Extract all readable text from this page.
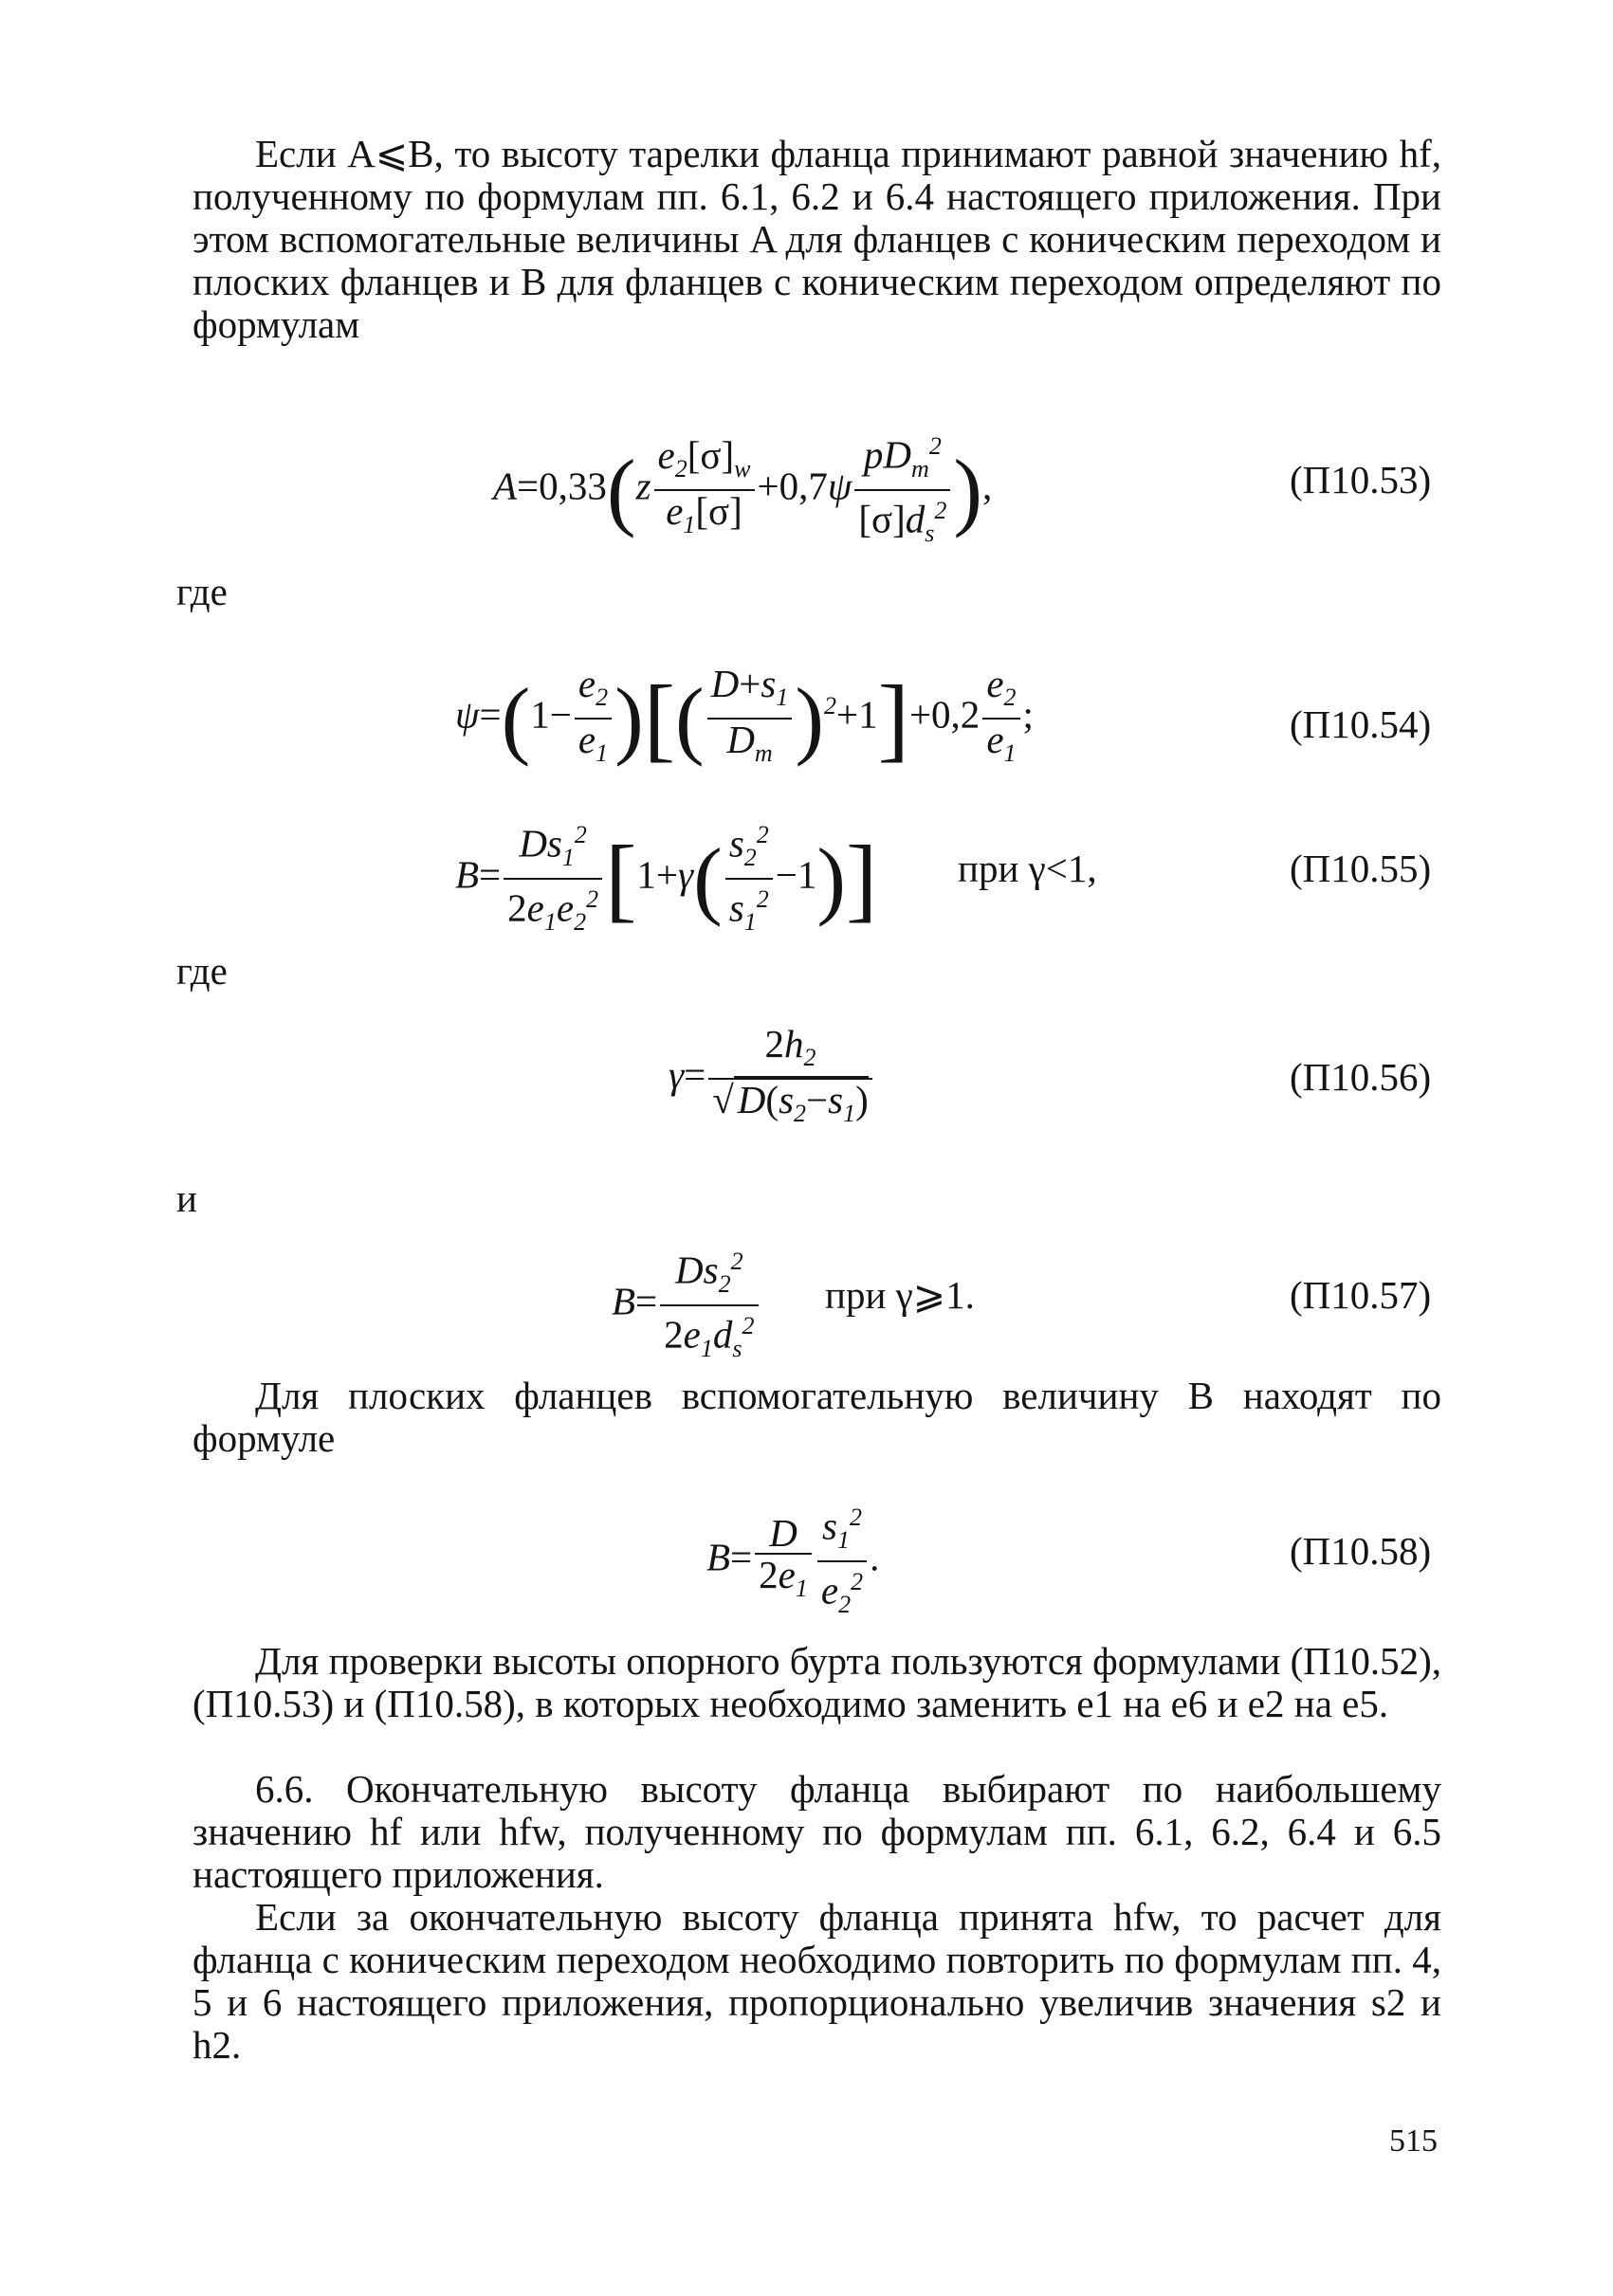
Если A⩽B, то высоту тарелки фланца принимают равной значению hf, полученному по формулам пп. 6.1, 6.2 и 6.4 настоящего приложения. При этом вспомогательные величины A для фланцев с коническим переходом и плоских фланцев и B для фланцев с коническим переходом определяют по формулам

$A=0,33(z \frac{e_2[\sigma]_w}{e_1[\sigma]} +0,7\psi \frac{pD_m^2}{[\sigma]d_s^2}$ ),	(П10.53)
где
$\psi=(1- \frac{e_2}{e_1}$ )[( $\frac{D+s_1}{D_m} )^2+1]+0,2 \frac{e_2}{e_1}$ ;	(П10.54)
$B= \frac{Ds_1^2}{2e_1e_2^2} [1+\gamma( \frac{s_2^2}{s_1^2} -1)]$ при γ<1,	(П10.55)
где
$\gamma= \frac{2h_2}{√D(s_2-s_1)}$	(П10.56)
и
$B= \frac{Ds_2^2}{2e_1d_s^2}$ при γ⩾1.	(П10.57)

Для плоских фланцев вспомогательную величину B находят по формуле

$B= \frac{D}{2e_1} \frac{s_1^2}{e_2^2}$ .	(П10.58)

Для проверки высоты опорного бурта пользуются формулами (П10.52), (П10.53) и (П10.58), в которых необходимо заменить e1 на e6 и e2 на e5.

6.6. Окончательную высоту фланца выбирают по наибольшему значению hf или hfw, полученному по формулам пп. 6.1, 6.2, 6.4 и 6.5 настоящего приложения.

Если за окончательную высоту фланца принята hfw, то расчет для фланца с коническим переходом необходимо повторить по формулам пп. 4, 5 и 6 настоящего приложения, пропорционально увеличив значения s2 и h2.

515
